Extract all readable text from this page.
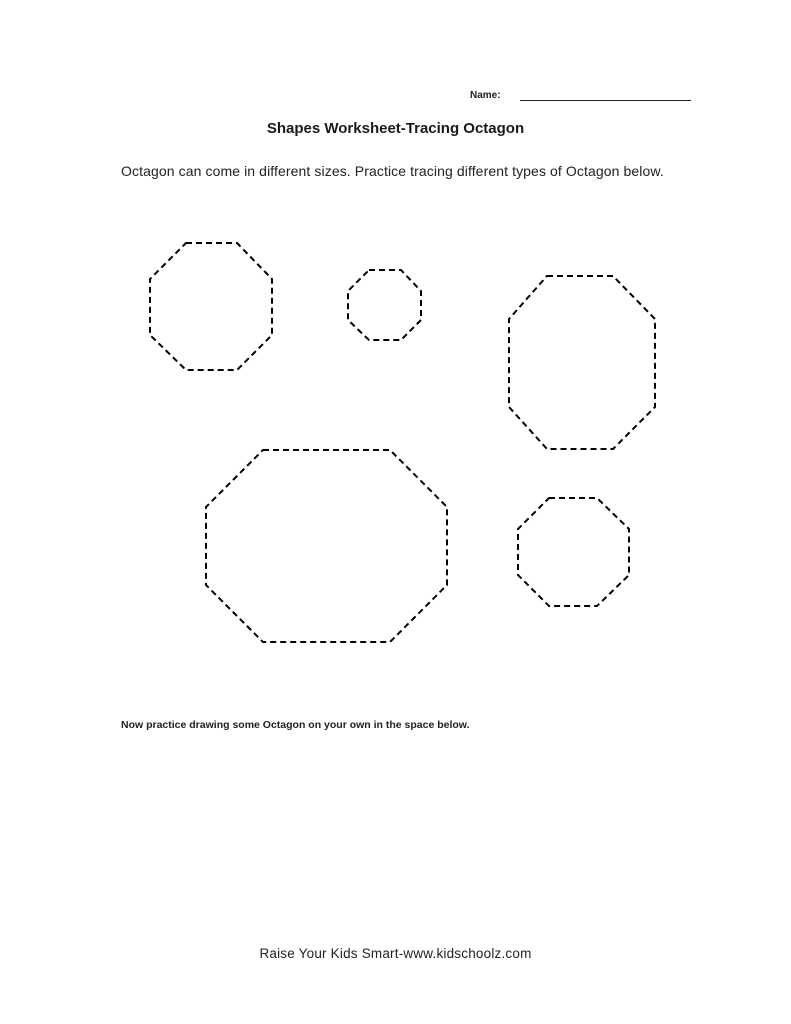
Name:
Shapes Worksheet-Tracing Octagon
Octagon can come in different sizes. Practice tracing different types of Octagon below.
Now practice drawing some Octagon on your own in the space below.
Raise Your Kids Smart-www.kidschoolz.com
